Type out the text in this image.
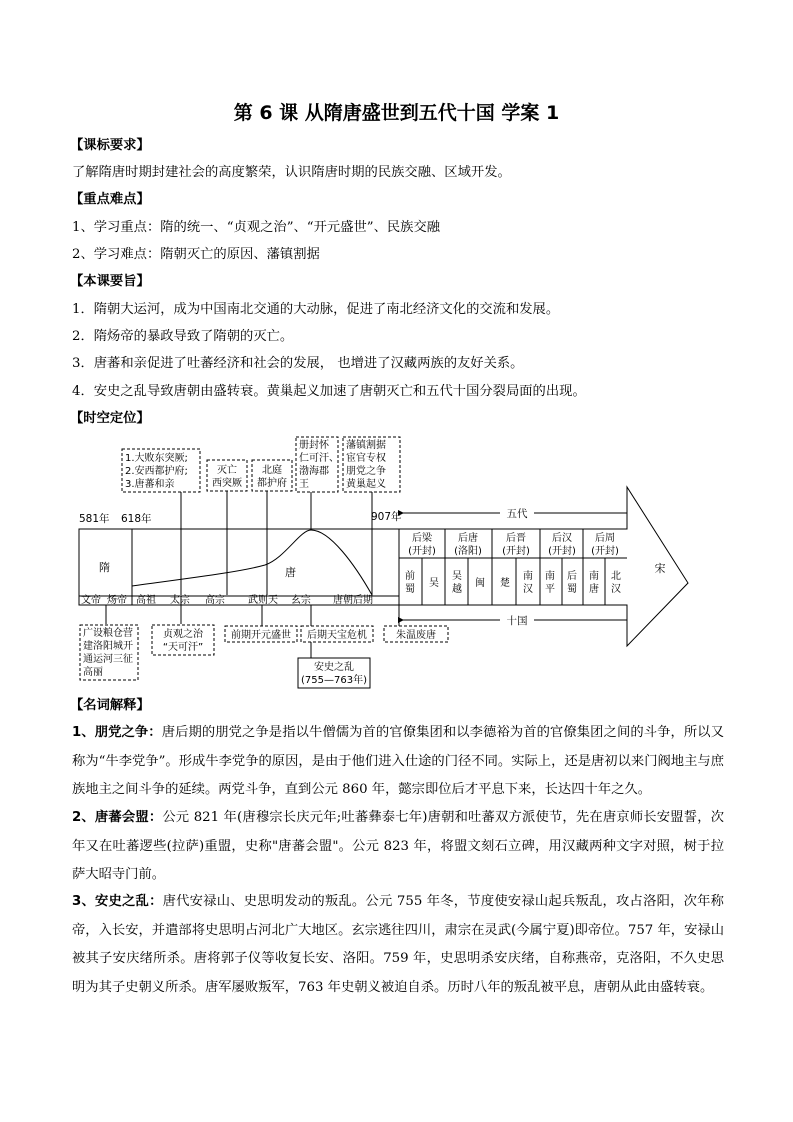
第 6 课 从隋唐盛世到五代十国 学案 1
【课标要求】
了解隋唐时期封建社会的高度繁荣，认识隋唐时期的民族交融、区域开发。
【重点难点】
1、学习重点：隋的统一、“贞观之治”、“开元盛世”、民族交融
2、学习难点：隋朝灭亡的原因、藩镇割据
【本课要旨】
1．隋朝大运河，成为中国南北交通的大动脉，促进了南北经济文化的交流和发展。
2．隋炀帝的暴政导致了隋朝的灭亡。
3．唐蕃和亲促进了吐蕃经济和社会的发展， 也增进了汉藏两族的友好关系。
4．安史之乱导致唐朝由盛转衰。黄巢起义加速了唐朝灭亡和五代十国分裂局面的出现。
【时空定位】
1.大败东突厥;
2.安西都护府;
3.唐蕃和亲
灭亡
西突厥
北庭
都护府
册封怀
仁可汗、
渤海郡
王
藩镇割据
宦官专权
朋党之争
黄巢起义
581年 618年	907年
隋	唐
文帝 炀帝 高祖 太宗 高宗 武则天 玄宗 唐朝后期
五代
十国
后梁
(开封)
后唐
(洛阳)
后晋
(开封)
后汉
(开封)
后周
(开封)
宋
前蜀
吴
吴越
闽 楚
南汉
南平
后蜀
南唐
北汉
广设粮仓营
建洛阳城开
通运河三征
高丽
贞观之治
“天可汗”
前期开元盛世 后期天宝危机	朱温废唐
安史之乱
(755—763年)
【名词解释】
1、朋党之争：唐后期的朋党之争是指以牛僧儒为首的官僚集团和以李德裕为首的官僚集团之间的斗争，所以又称为“牛李党争”。形成牛李党争的原因，是由于他们进入仕途的门径不同。实际上，还是唐初以来门阀地主与庶族地主之间斗争的延续。两党斗争，直到公元 860 年，懿宗即位后才平息下来，长达四十年之久。
2、唐蕃会盟：公元 821 年(唐穆宗长庆元年;吐蕃彝泰七年)唐朝和吐蕃双方派使节，先在唐京师长安盟誓，次年又在吐蕃逻些(拉萨)重盟，史称"唐蕃会盟"。公元 823 年，将盟文刻石立碑，用汉藏两种文字对照，树于拉萨大昭寺门前。
3、安史之乱：唐代安禄山、史思明发动的叛乱。公元 755 年冬，节度使安禄山起兵叛乱，攻占洛阳，次年称帝，入长安，并遣部将史思明占河北广大地区。玄宗逃往四川，肃宗在灵武(今属宁夏)即帝位。757 年，安禄山被其子安庆绪所杀。唐将郭子仪等收复长安、洛阳。759 年，史思明杀安庆绪，自称燕帝，克洛阳，不久史思明为其子史朝义所杀。唐军屡败叛军，763 年史朝义被迫自杀。历时八年的叛乱被平息，唐朝从此由盛转衰。
